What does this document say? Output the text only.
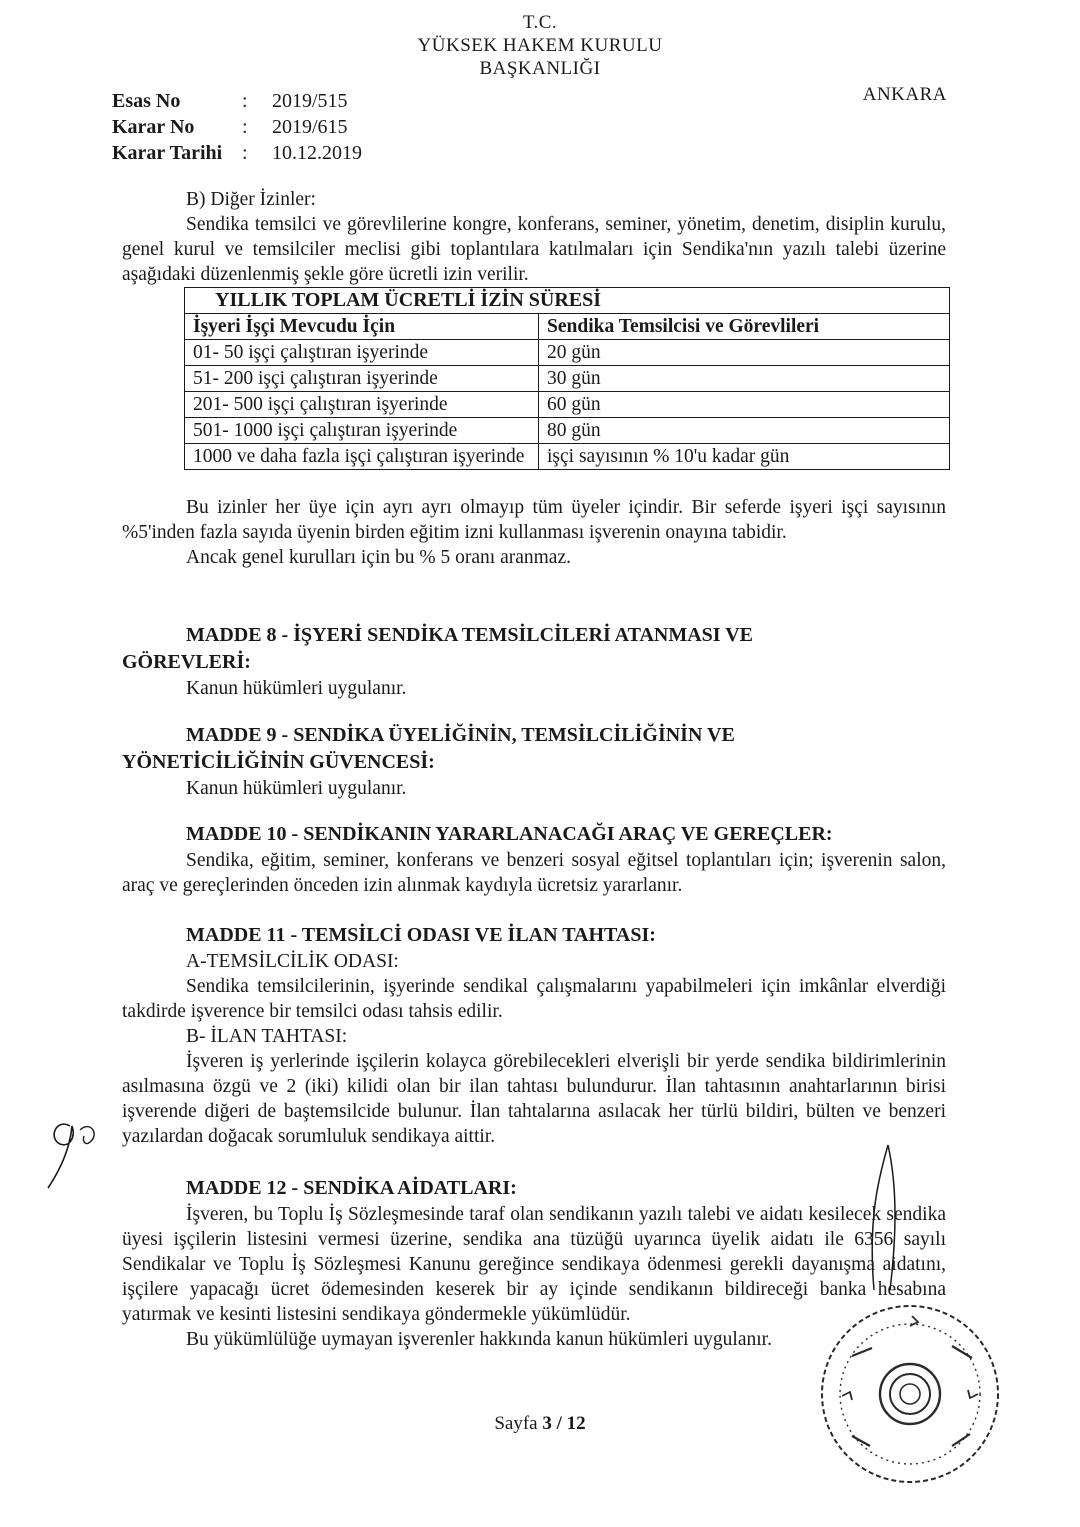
T.C.
YÜKSEK HAKEM KURULU
BAŞKANLIĞI
ANKARA
Esas No	:	2019/515
Karar No	:	2019/615
Karar Tarihi :	10.12.2019

B) Diğer İzinler:

Sendika temsilci ve görevlilerine kongre, konferans, seminer, yönetim, denetim, disiplin kurulu, genel kurul ve temsilciler meclisi gibi toplantılara katılmaları için Sendika'nın yazılı talebi üzerine aşağıdaki düzenlenmiş şekle göre ücretli izin verilir.

YILLIK TOPLAM ÜCRETLİ İZİN SÜRESİ	
İşyeri İşçi Mevcudu İçin	Sendika Temsilcisi ve Görevlileri
01- 50 işçi çalıştıran işyerinde	20 gün
51- 200 işçi çalıştıran işyerinde	30 gün
201- 500 işçi çalıştıran işyerinde	60 gün
501- 1000 işçi çalıştıran işyerinde	80 gün
1000 ve daha fazla işçi çalıştıran işyerinde	işçi sayısının % 10'u kadar gün

Bu izinler her üye için ayrı ayrı olmayıp tüm üyeler içindir. Bir seferde işyeri işçi sayısının %5'inden fazla sayıda üyenin birden eğitim izni kullanması işverenin onayına tabidir.

Ancak genel kurulları için bu % 5 oranı aranmaz.

MADDE 8 - İŞYERİ SENDİKA TEMSİLCİLERİ ATANMASI VE

GÖREVLERİ:

Kanun hükümleri uygulanır.

MADDE 9 - SENDİKA ÜYELİĞİNİN, TEMSİLCİLİĞİNİN VE

YÖNETİCİLİĞİNİN GÜVENCESİ:

Kanun hükümleri uygulanır.

MADDE 10 - SENDİKANIN YARARLANACAĞI ARAÇ VE GEREÇLER:

Sendika, eğitim, seminer, konferans ve benzeri sosyal eğitsel toplantıları için; işverenin salon, araç ve gereçlerinden önceden izin alınmak kaydıyla ücretsiz yararlanır.

MADDE 11 - TEMSİLCİ ODASI VE İLAN TAHTASI:

A-TEMSİLCİLİK ODASI:

Sendika temsilcilerinin, işyerinde sendikal çalışmalarını yapabilmeleri için imkânlar elverdiği takdirde işverence bir temsilci odası tahsis edilir.

B- İLAN TAHTASI:

İşveren iş yerlerinde işçilerin kolayca görebilecekleri elverişli bir yerde sendika bildirimlerinin asılmasına özgü ve 2 (iki) kilidi olan bir ilan tahtası bulundurur. İlan tahtasının anahtarlarının birisi işverende diğeri de baştemsilcide bulunur. İlan tahtalarına asılacak her türlü bildiri, bülten ve benzeri yazılardan doğacak sorumluluk sendikaya aittir.

MADDE 12 - SENDİKA AİDATLARI:

İşveren, bu Toplu İş Sözleşmesinde taraf olan sendikanın yazılı talebi ve aidatı kesilecek sendika üyesi işçilerin listesini vermesi üzerine, sendika ana tüzüğü uyarınca üyelik aidatı ile 6356 sayılı Sendikalar ve Toplu İş Sözleşmesi Kanunu gereğince sendikaya ödenmesi gerekli dayanışma aidatını, işçilere yapacağı ücret ödemesinden keserek bir ay içinde sendikanın bildireceği banka hesabına yatırmak ve kesinti listesini sendikaya göndermekle yükümlüdür.

Bu yükümlülüğe uymayan işverenler hakkında kanun hükümleri uygulanır.

Sayfa 3 / 12
